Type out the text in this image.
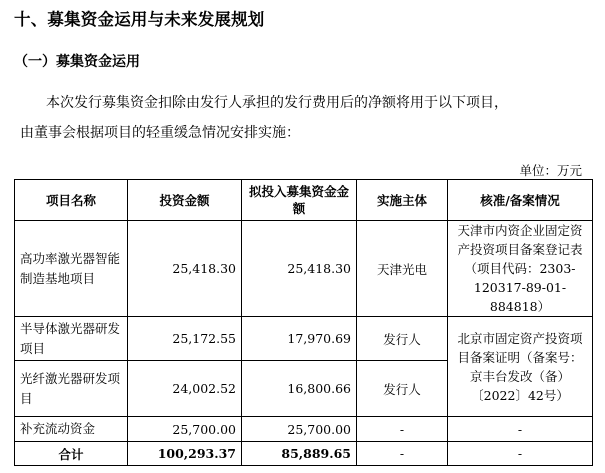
十、募集资金运用与未来发展规划
（一）募集资金运用
本次发行募集资金扣除由发行人承担的发行费用后的净额将用于以下项目，
由董事会根据项目的轻重缓急情况安排实施：
单位：万元
项目名称	投资金额	拟投入募集资金金额	实施主体	核准/备案情况
高功率激光器智能制造基地项目	25,418.30	25,418.30	天津光电	天津市内资企业固定资产投资项目备案登记表（项目代码：2303-120317-89-01-884818）
半导体激光器研发项目	25,172.55	17,970.69	发行人	北京市固定资产投资项目备案证明（备案号：京丰台发改（备）〔2022〕42号）
光纤激光器研发项目	24,002.52	16,800.66	发行人	
补充流动资金	25,700.00	25,700.00	-	-
合计	100,293.37	85,889.65	-	-
